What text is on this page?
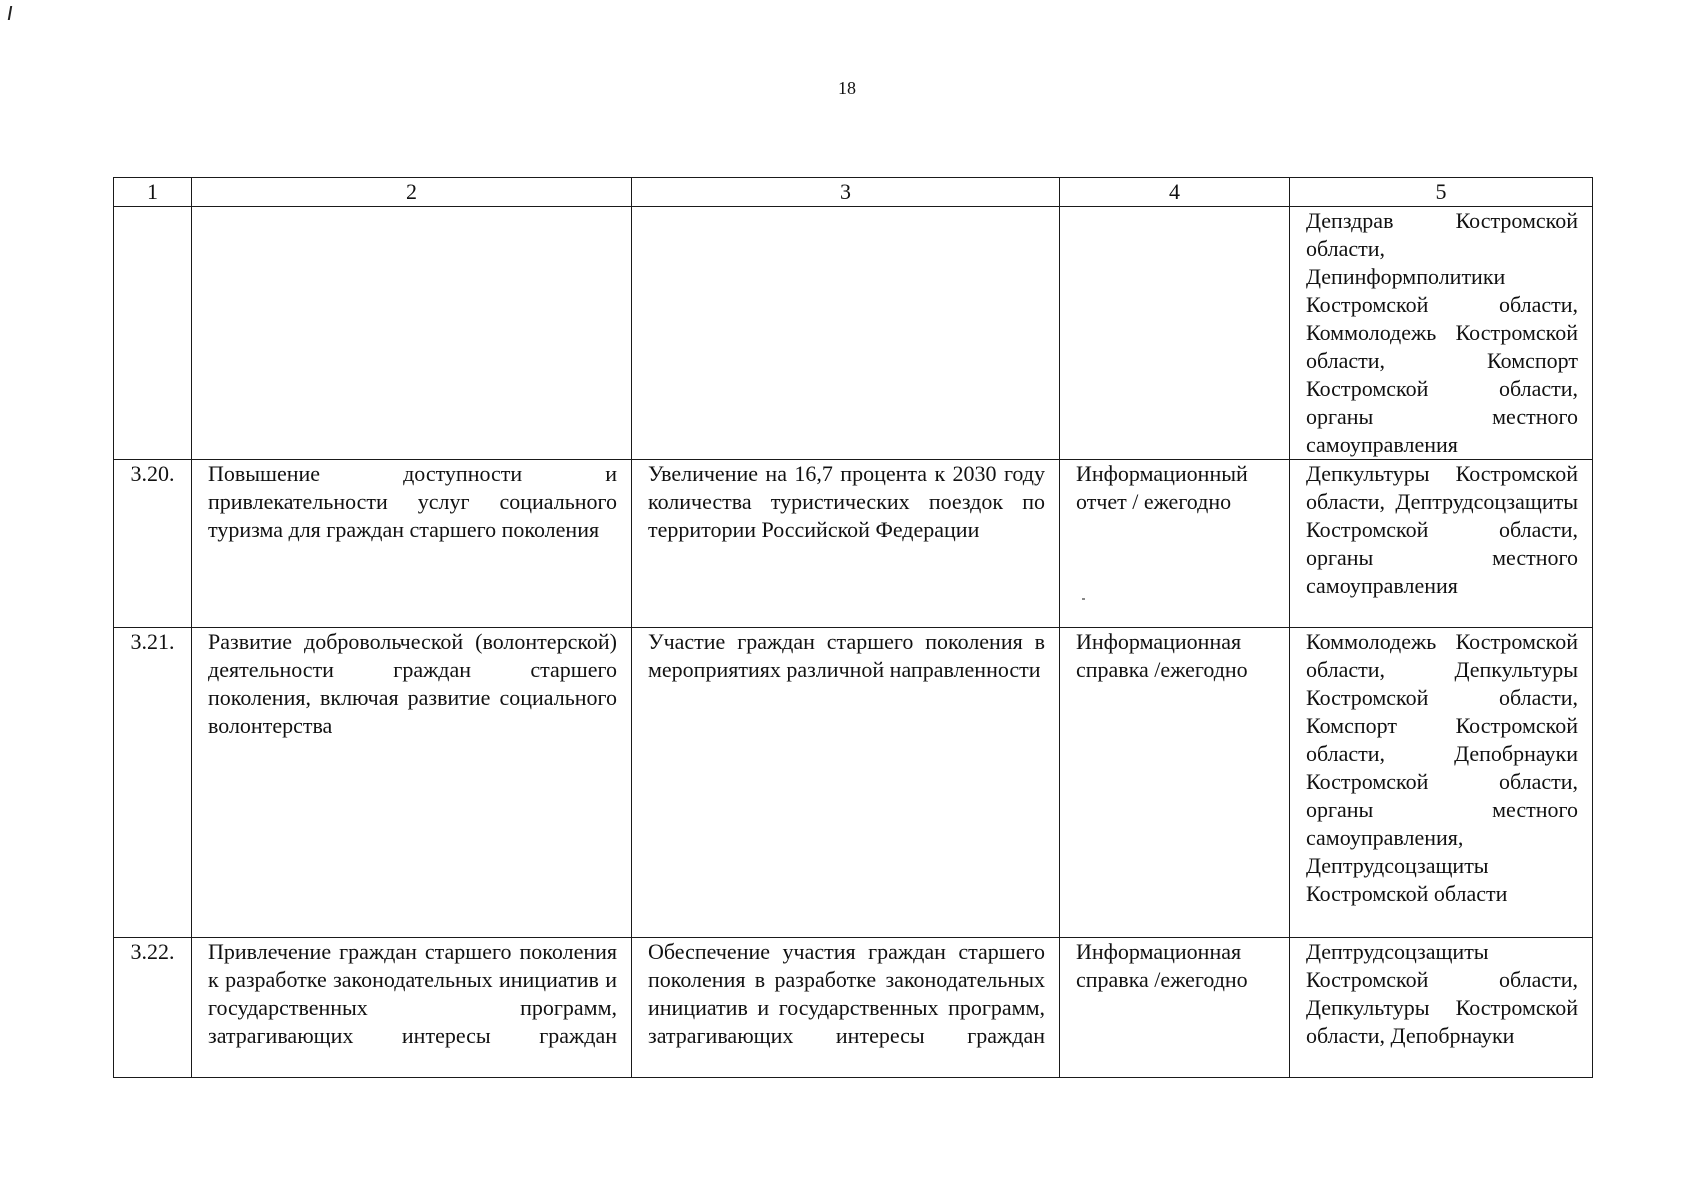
18
1	2	3	4	5
				Депздрав Костромской области, Депинформполитики Костромской области, Коммолодежь Костромской области, Комспорт Костромской области, органы местного самоуправления
3.20.	Повышение доступности и привлекательности услуг социального туризма для граждан старшего поколения	Увеличение на 16,7 процента к 2030 году количества туристических поездок по территории Российской Федерации	Информационный отчет / ежегодно	Депкультуры Костромской области, Дептрудсоцзащиты Костромской области, органы местного самоуправления
3.21.	Развитие добровольческой (волонтерской) деятельности граждан старшего поколения, включая развитие социального волонтерства	Участие граждан старшего поколения в мероприятиях различной направленности	Информационная справка /ежегодно	Коммолодежь Костромской области, Депкультуры Костромской области, Комспорт Костромской области, Депобрнауки Костромской области, органы местного самоуправления, Дептрудсоцзащиты Костромской области
3.22.	Привлечение граждан старшего поколения к разработке законодательных инициатив и государственных программ, затрагивающих интересы граждан	Обеспечение участия граждан старшего поколения в разработке законодательных инициатив и государственных программ, затрагивающих интересы граждан	Информационная справка /ежегодно	Дептрудсоцзащиты Костромской области, Депкультуры Костромской области, Депобрнауки
